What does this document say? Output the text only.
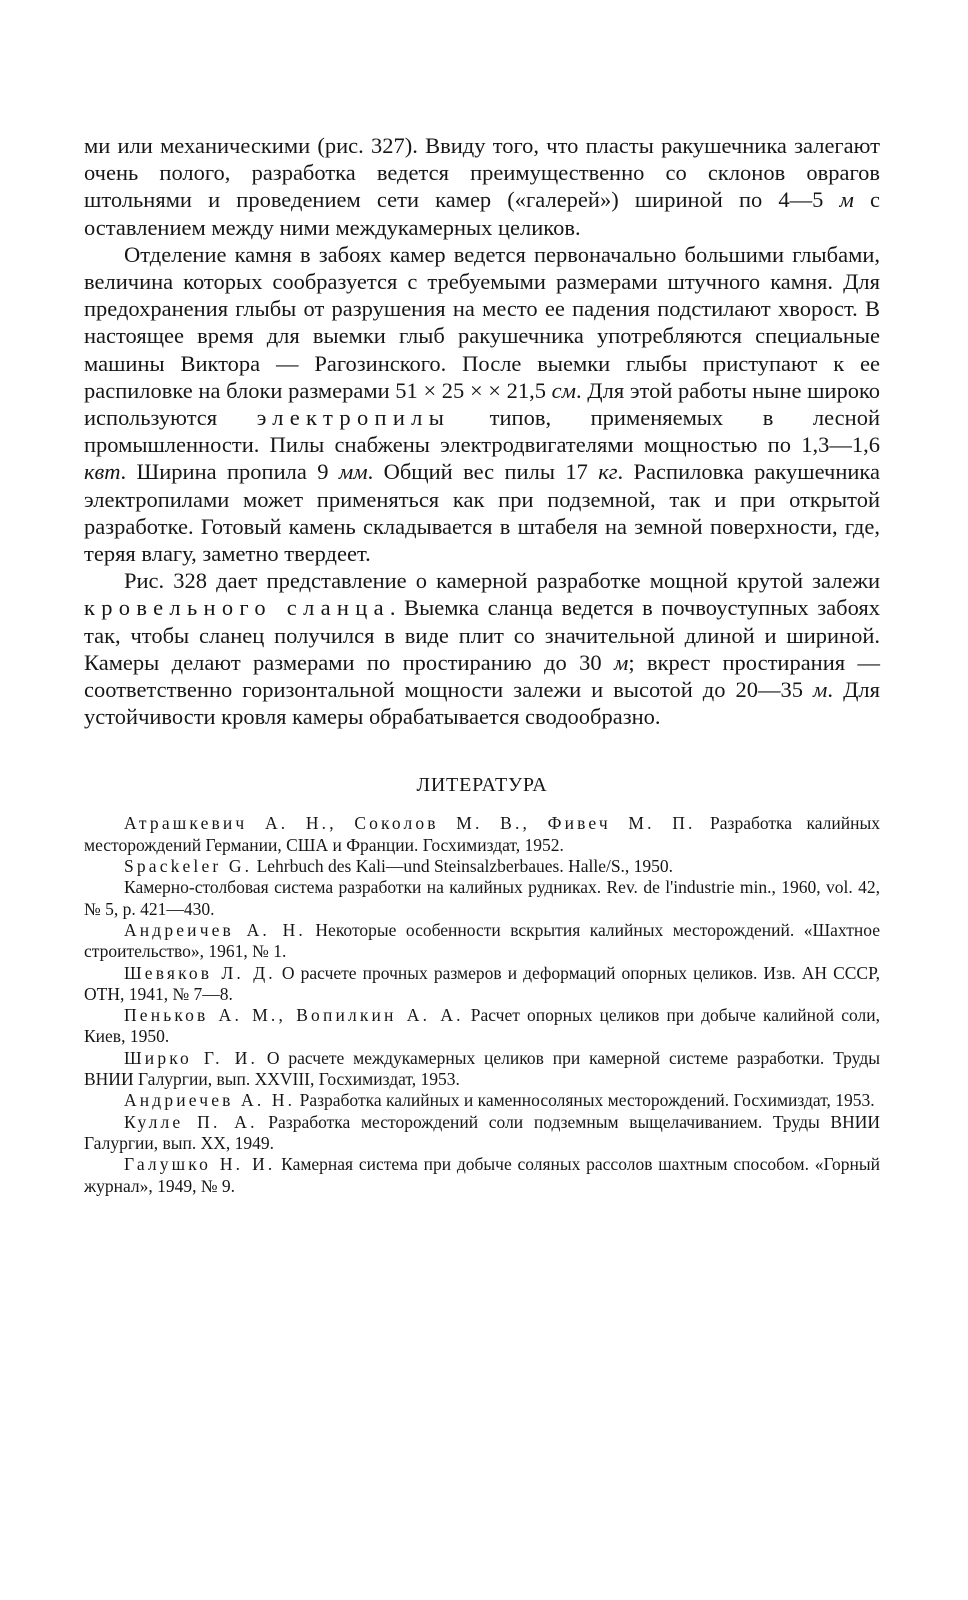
ми или механическими (рис. 327). Ввиду того, что пласты ракушечника залегают очень полого, разработка ведется преимущественно со склонов оврагов штольнями и проведением сети камер («галерей») шириной по 4—5 м с оставлением между ними междукамерных целиков.

Отделение камня в забоях камер ведется первоначально большими глыбами, величина которых сообразуется с требуемыми размерами штучного камня. Для предохранения глыбы от разрушения на место ее падения подстилают хворост. В настоящее время для выемки глыб ракушечника употребляются специальные машины Виктора — Рагозинского. После выемки глыбы приступают к ее распиловке на блоки размерами 51 × 25 × × 21,5 см. Для этой работы ныне широко используются электропилы типов, применяемых в лесной промышленности. Пилы снабжены электродвигателями мощностью по 1,3—1,6 квт. Ширина пропила 9 мм. Общий вес пилы 17 кг. Распиловка ракушечника электропилами может применяться как при подземной, так и при открытой разработке. Готовый камень складывается в штабеля на земной поверхности, где, теряя влагу, заметно твердеет.

Рис. 328 дает представление о камерной разработке мощной крутой залежи кровельного сланца. Выемка сланца ведется в почвоуступных забоях так, чтобы сланец получился в виде плит со значительной длиной и шириной. Камеры делают размерами по простиранию до 30 м; вкрест простирания — соответственно горизонтальной мощности залежи и высотой до 20—35 м. Для устойчивости кровля камеры обрабатывается сводообразно.

ЛИТЕРАТУРА

Атрашкевич А. Н., Соколов М. В., Фивеч М. П. Разработка калийных месторождений Германии, США и Франции. Госхимиздат, 1952.

Spackeler G. Lehrbuch des Kali—und Steinsalzberbaues. Halle/S., 1950.

Камерно-столбовая система разработки на калийных рудниках. Rev. de l'industrie min., 1960, vol. 42, № 5, p. 421—430.

Андреичев А. Н. Некоторые особенности вскрытия калийных месторождений. «Шахтное строительство», 1961, № 1.

Шевяков Л. Д. О расчете прочных размеров и деформаций опорных целиков. Изв. АН СССР, ОТН, 1941, № 7—8.

Пеньков А. М., Вопилкин А. А. Расчет опорных целиков при добыче калийной соли, Киев, 1950.

Ширко Г. И. О расчете междукамерных целиков при камерной системе разработки. Труды ВНИИ Галургии, вып. XXVIII, Госхимиздат, 1953.

Андриечев А. Н. Разработка калийных и каменносоляных месторождений. Госхимиздат, 1953.

Кулле П. А. Разработка месторождений соли подземным выщелачиванием. Труды ВНИИ Галургии, вып. XX, 1949.

Галушко Н. И. Камерная система при добыче соляных рассолов шахтным способом. «Горный журнал», 1949, № 9.
